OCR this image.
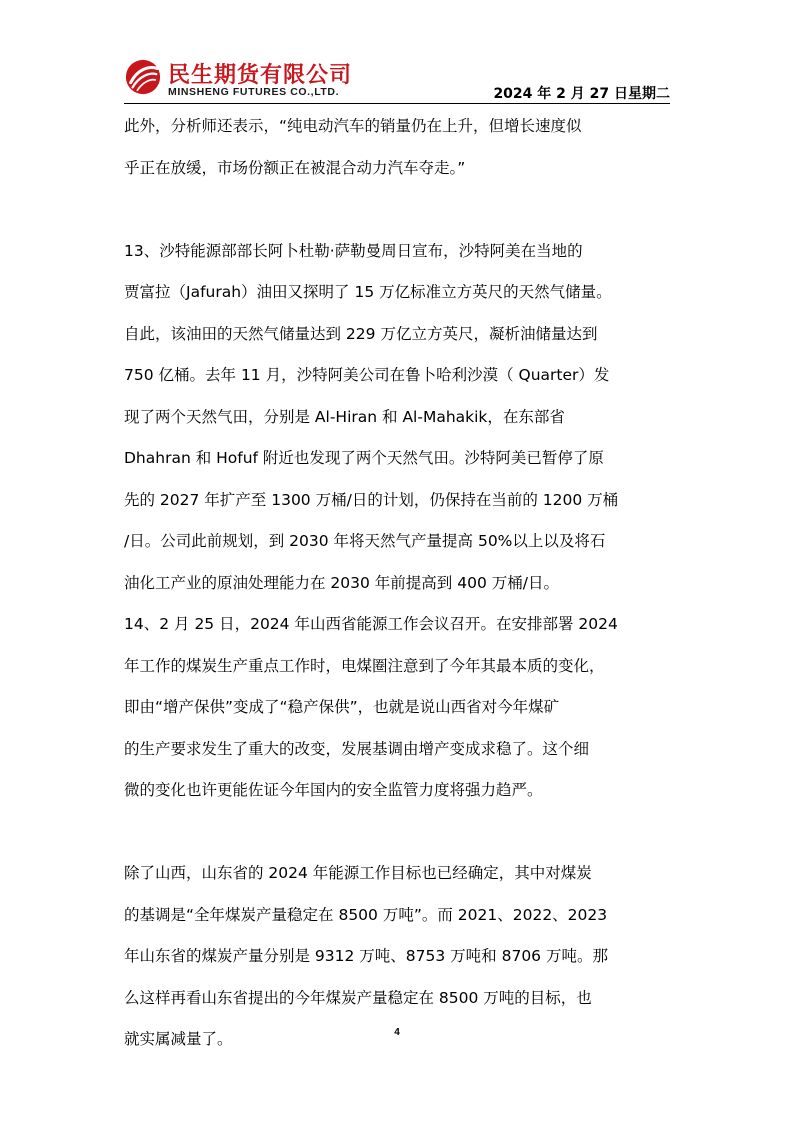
民生期货有限公司
MINSHENG FUTURES CO.,LTD.	2024 年 2 月 27 日星期二
此外，分析师还表示，“纯电动汽车的销量仍在上升，但增长速度似
乎正在放缓，市场份额正在被混合动力汽车夺走。”
13、沙特能源部部长阿卜杜勒·萨勒曼周日宣布，沙特阿美在当地的
贾富拉（Jafurah）油田又探明了 15 万亿标准立方英尺的天然气储量。
自此，该油田的天然气储量达到 229 万亿立方英尺，凝析油储量达到
750 亿桶。去年 11 月，沙特阿美公司在鲁卜哈利沙漠（ Quarter）发
现了两个天然气田，分别是 Al-Hiran 和 Al-Mahakik，在东部省
Dhahran 和 Hofuf 附近也发现了两个天然气田。沙特阿美已暂停了原
先的 2027 年扩产至 1300 万桶/日的计划，仍保持在当前的 1200 万桶
/日。公司此前规划，到 2030 年将天然气产量提高 50%以上以及将石
油化工产业的原油处理能力在 2030 年前提高到 400 万桶/日。
14、2 月 25 日，2024 年山西省能源工作会议召开。在安排部署 2024
年工作的煤炭生产重点工作时，电煤圈注意到了今年其最本质的变化，
即由“增产保供”变成了“稳产保供”，也就是说山西省对今年煤矿
的生产要求发生了重大的改变，发展基调由增产变成求稳了。这个细
微的变化也许更能佐证今年国内的安全监管力度将强力趋严。
除了山西，山东省的 2024 年能源工作目标也已经确定，其中对煤炭
的基调是“全年煤炭产量稳定在 8500 万吨”。而 2021、2022、2023
年山东省的煤炭产量分别是 9312 万吨、8753 万吨和 8706 万吨。那
么这样再看山东省提出的今年煤炭产量稳定在 8500 万吨的目标，也
就实属减量了。	4
